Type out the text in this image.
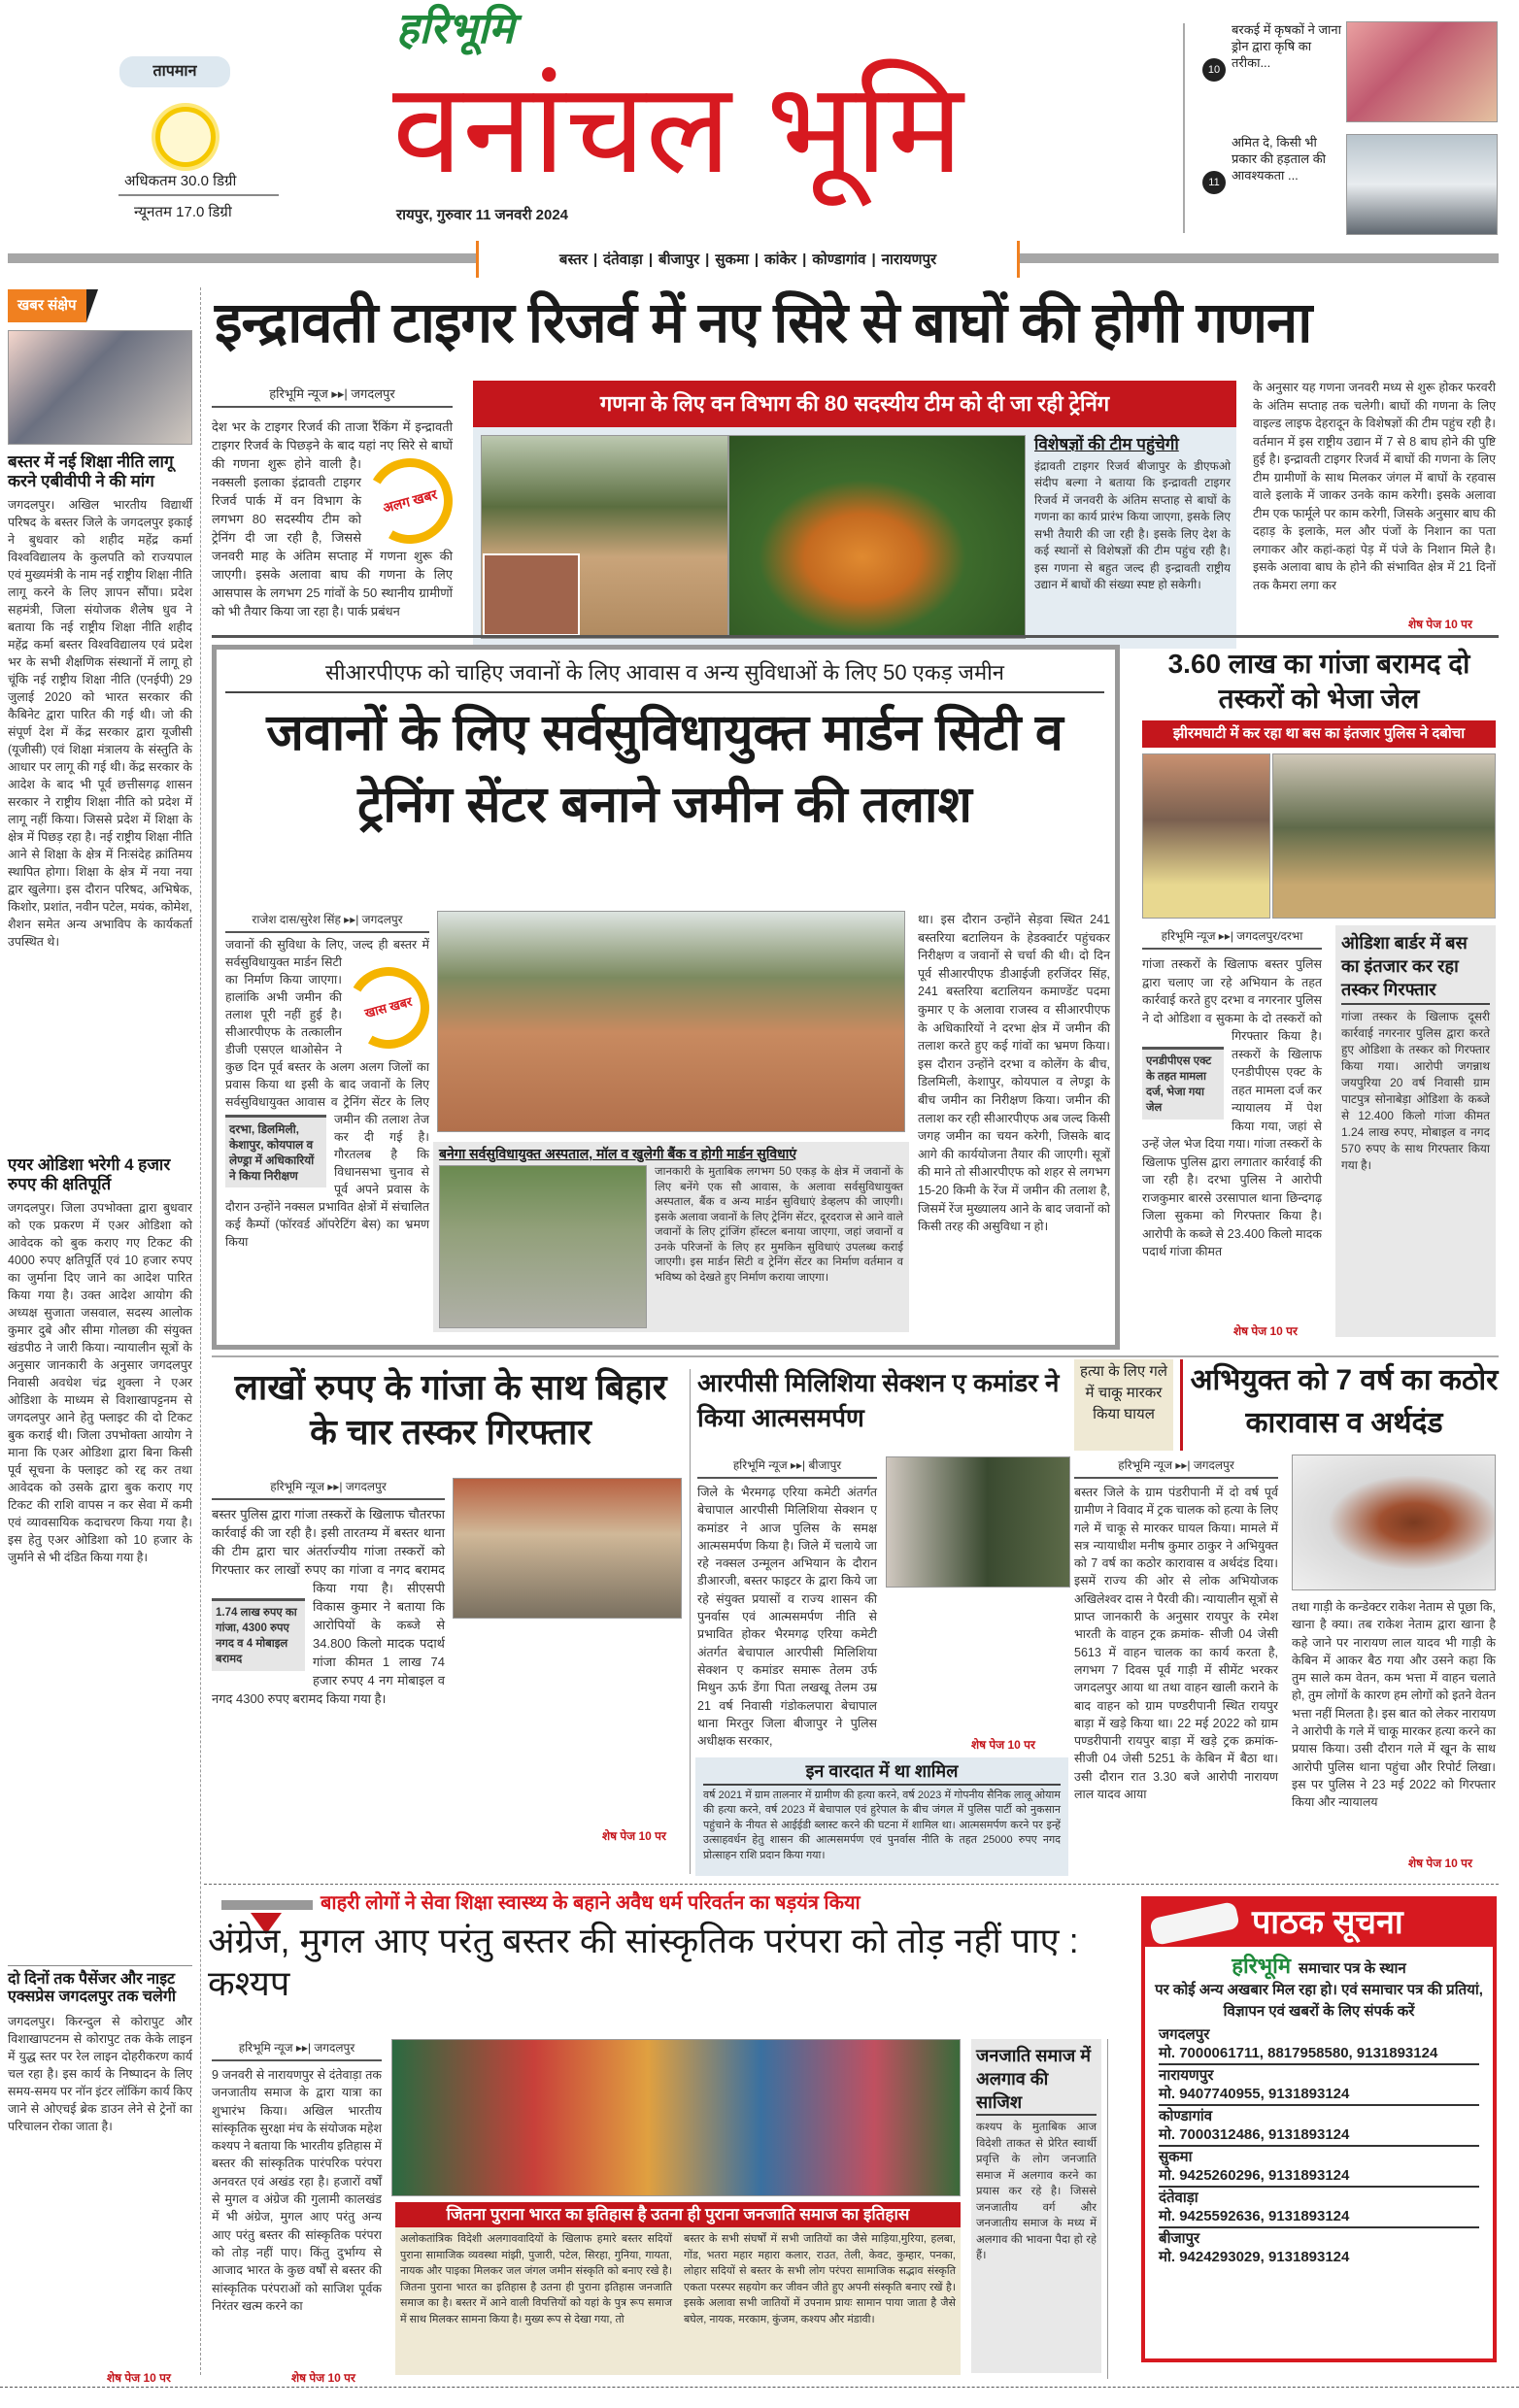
तापमान
अधिकतम 30.0 डिग्री
न्यूनतम 17.0 डिग्री
हरिभूमि
वनांचल भूमि
रायपुर, गुरुवार 11 जनवरी 2024
10
बरकई में कृषकों ने जाना ड्रोन द्वारा कृषि का तरीका...
11
अमित दे, किसी भी प्रकार की हड़ताल की आवश्यकता ...
बस्तर | दंतेवाड़ा | बीजापुर | सुकमा | कांकेर | कोण्डागांव | नारायणपुर
खबर संक्षेप
बस्तर में नई शिक्षा नीति लागू करने एबीवीपी ने की मांग
जगदलपुर। अखिल भारतीय विद्यार्थी परिषद के बस्तर जिले के जगदलपुर इकाई ने बुधवार को शहीद महेंद्र कर्मा विश्वविद्यालय के कुलपति को राज्यपाल एवं मुख्यमंत्री के नाम नई राष्ट्रीय शिक्षा नीति लागू करने के लिए ज्ञापन सौंपा। प्रदेश सहमंत्री, जिला संयोजक शैलेष धुव ने बताया कि नई राष्ट्रीय शिक्षा नीति शहीद महेंद्र कर्मा बस्तर विश्वविद्यालय एवं प्रदेश भर के सभी शैक्षणिक संस्थानों में लागू हो चूंकि नई राष्ट्रीय शिक्षा नीति (एनईपी) 29 जुलाई 2020 को भारत सरकार की कैबिनेट द्वारा पारित की गई थी। जो की संपूर्ण देश में केंद्र सरकार द्वारा यूजीसी (यूजीसी) एवं शिक्षा मंत्रालय के संस्तुति के आधार पर लागू की गई थी। केंद्र सरकार के आदेश के बाद भी पूर्व छत्तीसगढ़ शासन सरकार ने राष्ट्रीय शिक्षा नीति को प्रदेश में लागू नहीं किया। जिससे प्रदेश में शिक्षा के क्षेत्र में पिछड़ रहा है। नई राष्ट्रीय शिक्षा नीति आने से शिक्षा के क्षेत्र में निःसंदेह क्रांतिमय स्थापित होगा। शिक्षा के क्षेत्र में नया नया द्वार खुलेगा। इस दौरान परिषद, अभिषेक, किशोर, प्रशांत, नवीन पटेल, मयंक, कोमेश, शैशन समेत अन्य अभाविप के कार्यकर्ता उपस्थित थे।
एयर ओडिशा भरेगी 4 हजार रुपए की क्षतिपूर्ति
जगदलपुर। जिला उपभोक्ता द्वारा बुधवार को एक प्रकरण में एअर ओडिशा को आवेदक को बुक कराए गए टिकट की 4000 रुपए क्षतिपूर्ति एवं 10 हजार रुपए का जुर्माना दिए जाने का आदेश पारित किया गया है। उक्त आदेश आयोग की अध्यक्ष सुजाता जसवाल, सदस्य आलोक कुमार दुबे और सीमा गोलछा की संयुक्त खंडपीठ ने जारी किया। न्यायालीन सूत्रों के अनुसार जानकारी के अनुसार जगदलपुर निवासी अवधेश चंद्र शुक्ला ने एअर ओडिशा के माध्यम से विशाखापट्टनम से जगदलपुर आने हेतु फ्लाइट की दो टिकट बुक कराई थी। जिला उपभोक्ता आयोग ने माना कि एअर ओडिशा द्वारा बिना किसी पूर्व सूचना के फ्लाइट को रद्द कर तथा आवेदक को उसके द्वारा बुक कराए गए टिकट की राशि वापस न कर सेवा में कमी एवं व्यावसायिक कदाचरण किया गया है। इस हेतु एअर ओडिशा को 10 हजार के जुर्माने से भी दंडित किया गया है।
दो दिनों तक पैसेंजर और नाइट एक्सप्रेस जगदलपुर तक चलेगी
जगदलपुर। किरन्दुल से कोरापुट और विशाखापटनम से कोरापुट तक केके लाइन में युद्ध स्तर पर रेल लाइन दोहरीकरण कार्य चल रहा है। इस कार्य के निष्पादन के लिए समय-समय पर नॉन इंटर लॉकिंग कार्य किए जाने से ओएचई ब्रेक डाउन लेने से ट्रेनों का परिचालन रोका जाता है।
शेष पेज 10 पर
इन्द्रावती टाइगर रिजर्व में नए सिरे से बाघों की होगी गणना
हरिभूमि न्यूज ▸▸| जगदलपुर
अलग खबर
देश भर के टाइगर रिजर्व की ताजा रैंकिंग में इन्द्रावती टाइगर रिजर्व के पिछड़ने के बाद यहां नए सिरे से बाघों की गणना शुरू होने वाली है। नक्सली इलाका इंद्रावती टाइगर रिजर्व पार्क में वन विभाग के लगभग 80 सदस्यीय टीम को ट्रेनिंग दी जा रही है, जिससे जनवरी माह के अंतिम सप्ताह में गणना शुरू की जाएगी। इसके अलावा बाघ की गणना के लिए आसपास के लगभग 25 गांवों के 50 स्थानीय ग्रामीणों को भी तैयार किया जा रहा है। पार्क प्रबंधन
गणना के लिए वन विभाग की 80 सदस्यीय टीम को दी जा रही ट्रेनिंग
विशेषज्ञों की टीम पहुंचेगी
इंद्रावती टाइगर रिजर्व बीजापुर के डीएफओ संदीप बल्गा ने बताया कि इन्द्रावती टाइगर रिजर्व में जनवरी के अंतिम सप्ताह से बाघों के गणना का कार्य प्रारंभ किया जाएगा, इसके लिए सभी तैयारी की जा रही है। इसके लिए देश के कई स्थानों से विशेषज्ञों की टीम पहुंच रही है। इस गणना से बहुत जल्द ही इन्द्रावती राष्ट्रीय उद्यान में बाघों की संख्या स्पष्ट हो सकेगी।
के अनुसार यह गणना जनवरी मध्य से शुरू होकर फरवरी के अंतिम सप्ताह तक चलेगी। बाघों की गणना के लिए वाइल्ड लाइफ देहरादून के विशेषज्ञों की टीम पहुंच रही है। वर्तमान में इस राष्ट्रीय उद्यान में 7 से 8 बाघ होने की पुष्टि हुई है। इन्द्रावती टाइगर रिजर्व में बाघों की गणना के लिए टीम ग्रामीणों के साथ मिलकर जंगल में बाघों के रहवास वाले इलाके में जाकर उनके काम करेगी। इसके अलावा टीम एक फार्मूले पर काम करेगी, जिसके अनुसार बाघ की दहाड़ के इलाके, मल और पंजों के निशान का पता लगाकर और कहां-कहां पेड़ में पंजे के निशान मिले है। इसके अलावा बाघ के होने की संभावित क्षेत्र में 21 दिनों तक कैमरा लगा कर
शेष पेज 10 पर
सीआरपीएफ को चाहिए जवानों के लिए आवास व अन्य सुविधाओं के लिए 50 एकड़ जमीन
जवानों के लिए सर्वसुविधायुक्त मार्डन सिटी व ट्रेनिंग सेंटर बनाने जमीन की तलाश
राजेश दास/सुरेश सिंह ▸▸| जगदलपुर
खास खबर
दरभा, डिलमिली, केशापुर, कोयपाल व लेण्ड्रा में अधिकारियों ने किया निरीक्षण
जवानों की सुविधा के लिए, जल्द ही बस्तर में सर्वसुविधायुक्त मार्डन सिटी का निर्माण किया जाएगा। हालांकि अभी जमीन की तलाश पूरी नहीं हुई है। सीआरपीएफ के तत्कालीन डीजी एसएल थाओसेन ने कुछ दिन पूर्व बस्तर के अलग अलग जिलों का प्रवास किया था इसी के बाद जवानों के लिए सर्वसुविधायुक्त आवास व ट्रेनिंग सेंटर के लिए जमीन की तलाश तेज कर दी गई है। गौरतलब है कि विधानसभा चुनाव से पूर्व अपने प्रवास के दौरान उन्होंने नक्सल प्रभावित क्षेत्रों में संचालित कई कैम्पों (फॉरवर्ड ऑपरेटिंग बेस) का भ्रमण किया
था। इस दौरान उन्होंने सेड़वा स्थित 241 बस्तरिया बटालियन के हेडक्वार्टर पहुंचकर निरीक्षण व जवानों से चर्चा की थी। दो दिन पूर्व सीआरपीएफ डीआईजी हरजिंदर सिंह, 241 बस्तरिया बटालियन कमाण्डेंट पदमा कुमार ए के अलावा राजस्व व सीआरपीएफ के अधिकारियों ने दरभा क्षेत्र में जमीन की तलाश करते हुए कई गांवों का भ्रमण किया। इस दौरान उन्होंने दरभा व कोलेंग के बीच, डिलमिली, केशापुर, कोयपाल व लेण्ड्रा के बीच जमीन का निरीक्षण किया। जमीन की तलाश कर रही सीआरपीएफ अब जल्द किसी जगह जमीन का चयन करेगी, जिसके बाद आगे की कार्ययोजना तैयार की जाएगी। सूत्रों की माने तो सीआरपीएफ को शहर से लगभग 15-20 किमी के रेंज में जमीन की तलाश है, जिसमें रेंज मुख्यालय आने के बाद जवानों को किसी तरह की असुविधा न हो।
बनेगा सर्वसुविधायुक्त अस्पताल, मॉल व खुलेगी बैंक व होगी मार्डन सुविधाएं
जानकारी के मुताबिक लगभग 50 एकड़ के क्षेत्र में जवानों के लिए बनेंगे एक सौ आवास, के अलावा सर्वसुविधायुक्त अस्पताल, बैंक व अन्य मार्डन सुविधाएं डेव्हलप की जाएगी। इसके अलावा जवानों के लिए ट्रेनिंग सेंटर, दूरदराज से आने वाले जवानों के लिए ट्रांजिंग हॉस्टल बनाया जाएगा, जहां जवानों व उनके परिजनों के लिए हर मुमकिन सुविधाएं उपलब्ध कराई जाएगी। इस मार्डन सिटी व ट्रेनिंग सेंटर का निर्माण वर्तमान व भविष्य को देखते हुए निर्माण कराया जाएगा।
3.60 लाख का गांजा बरामद दो तस्करों को भेजा जेल
झीरमघाटी में कर रहा था बस का इंतजार पुलिस ने दबोचा
हरिभूमि न्यूज ▸▸| जगदलपुर/दरभा
एनडीपीएस एक्ट के तहत मामला दर्ज, भेजा गया जेल
गांजा तस्करों के खिलाफ बस्तर पुलिस द्वारा चलाए जा रहे अभियान के तहत कार्रवाई करते हुए दरभा व नगरनार पुलिस ने दो ओडिशा व सुकमा के दो तस्करों को गिरफ्तार किया है। तस्करों के खिलाफ एनडीपीएस एक्ट के तहत मामला दर्ज कर न्यायालय में पेश किया गया, जहां से उन्हें जेल भेज दिया गया। गांजा तस्करों के खिलाफ पुलिस द्वारा लगातार कार्रवाई की जा रही है। दरभा पुलिस ने आरोपी राजकुमार बारसे उरसापाल थाना छिन्दगढ़ जिला सुकमा को गिरफ्तार किया है। आरोपी के कब्जे से 23.400 किलो मादक पदार्थ गांजा कीमत
शेष पेज 10 पर
ओडिशा बार्डर में बस का इंतजार कर रहा तस्कर गिरफ्तार
गांजा तस्कर के खिलाफ दूसरी कार्रवाई नगरनार पुलिस द्वारा करते हुए ओडिशा के तस्कर को गिरफ्तार किया गया। आरोपी जगन्नाथ जयपुरिया 20 वर्ष निवासी ग्राम पाटपुत्र सोनाबेड़ा ओडिशा के कब्जे से 12.400 किलो गांजा कीमत 1.24 लाख रुपए, मोबाइल व नगद 570 रुपए के साथ गिरफ्तार किया गया है।
लाखों रुपए के गांजा के साथ बिहार के चार तस्कर गिरफ्तार
हरिभूमि न्यूज ▸▸| जगदलपुर
1.74 लाख रुपए का गांजा, 4300 रुपए नगद व 4 मोबाइल बरामद
बस्तर पुलिस द्वारा गांजा तस्करों के खिलाफ चौतरफा कार्रवाई की जा रही है। इसी तारतम्य में बस्तर थाना की टीम द्वारा चार अंतर्राज्यीय गांजा तस्करों को गिरफ्तार कर लाखों रुपए का गांजा व नगद बरामद किया गया है। सीएसपी विकास कुमार ने बताया कि आरोपियों के कब्जे से 34.800 किलो मादक पदार्थ गांजा कीमत 1 लाख 74 हजार रुपए 4 नग मोबाइल व नगद 4300 रुपए बरामद किया गया है।
शेष पेज 10 पर
आरपीसी मिलिशिया सेक्शन ए कमांडर ने किया आत्मसमर्पण
हरिभूमि न्यूज ▸▸| बीजापुर
जिले के भैरमगढ़ एरिया कमेटी अंतर्गत बेचापाल आरपीसी मिलिशिया सेक्शन ए कमांडर ने आज पुलिस के समक्ष आत्मसमर्पण किया है। जिले में चलाये जा रहे नक्सल उन्मूलन अभियान के दौरान डीआरजी, बस्तर फाइटर के द्वारा किये जा रहे संयुक्त प्रयासों व राज्य शासन की पुनर्वास एवं आत्मसमर्पण नीति से प्रभावित होकर भैरमगढ़ एरिया कमेटी अंतर्गत बेचापाल आरपीसी मिलिशिया सेक्शन ए कमांडर समारू तेलम उर्फ मिथुन ऊर्फ डेंगा पिता लखखू तेलम उम्र 21 वर्ष निवासी गंडोकलपारा बेचापाल थाना मिरतुर जिला बीजापुर ने पुलिस अधीक्षक सरकार,	शेष पेज 10 पर
इन वारदात में था शामिल
वर्ष 2021 में ग्राम तालनार में ग्रामीण की हत्या करने, वर्ष 2023 में गोपनीय सैनिक लालू ओयाम की हत्या करने, वर्ष 2023 में बेचापाल एवं हुरेपाल के बीच जंगल में पुलिस पार्टी को नुकसान पहुंचाने के नीयत से आईईडी ब्लास्ट करने की घटना में शामिल था। आत्मसमर्पण करने पर इन्हें उत्साहवर्धन हेतु शासन की आत्मसमर्पण एवं पुनर्वास नीति के तहत 25000 रुपए नगद प्रोत्साहन राशि प्रदान किया गया।
हत्या के लिए गले में चाकू मारकर किया घायल
अभियुक्त को 7 वर्ष का कठोर कारावास व अर्थदंड
हरिभूमि न्यूज ▸▸| जगदलपुर
बस्तर जिले के ग्राम पंडरीपानी में दो वर्ष पूर्व ग्रामीण ने विवाद में ट्रक चालक को हत्या के लिए गले में चाकू से मारकर घायल किया। मामले में सत्र न्यायाधीश मनीष कुमार ठाकुर ने अभियुक्त को 7 वर्ष का कठोर कारावास व अर्थदंड दिया। इसमें राज्य की ओर से लोक अभियोजक अखिलेश्वर दास ने पैरवी की। न्यायालीन सूत्रों से प्राप्त जानकारी के अनुसार रायपुर के रमेश भारती के वाहन ट्रक क्रमांक- सीजी 04 जेसी 5613 में वाहन चालक का कार्य करता है, लगभग 7 दिवस पूर्व गाड़ी में सीमेंट भरकर जगदलपुर आया था तथा वाहन खाली कराने के बाद वाहन को ग्राम पण्डरीपानी स्थित रायपुर बाड़ा में खड़े किया था। 22 मई 2022 को ग्राम पण्डरीपानी रायपुर बाड़ा में खड़े ट्रक क्रमांक- सीजी 04 जेसी 5251 के केबिन में बैठा था। उसी दौरान रात 3.30 बजे आरोपी नारायण लाल यादव आया
तथा गाड़ी के कन्डेक्टर राकेश नेताम से पूछा कि, खाना है क्या। तब राकेश नेताम द्वारा खाना है कहे जाने पर नारायण लाल यादव भी गाड़ी के केबिन में आकर बैठ गया और उसने कहा कि तुम साले कम वेतन, कम भत्ता में वाहन चलाते हो, तुम लोगों के कारण हम लोगों को इतने वेतन भत्ता नहीं मिलता है। इस बात को लेकर नारायण ने आरोपी के गले में चाकू मारकर हत्या करने का प्रयास किया। उसी दौरान गले में खून के साथ आरोपी पुलिस थाना पहुंचा और रिपोर्ट लिखा। इस पर पुलिस ने 23 मई 2022 को गिरफ्तार किया और न्यायालय
शेष पेज 10 पर
बाहरी लोगों ने सेवा शिक्षा स्वास्थ्य के बहाने अवैध धर्म परिवर्तन का षड़यंत्र किया
अंग्रेज, मुगल आए परंतु बस्तर की सांस्कृतिक परंपरा को तोड़ नहीं पाए : कश्यप
हरिभूमि न्यूज ▸▸| जगदलपुर
9 जनवरी से नारायणपुर से दंतेवाड़ा तक जनजातीय समाज के द्वारा यात्रा का शुभारंभ किया। अखिल भारतीय सांस्कृतिक सुरक्षा मंच के संयोजक महेश कश्यप ने बताया कि भारतीय इतिहास में बस्तर की सांस्कृतिक पारंपरिक परंपरा अनवरत एवं अखंड रहा है। हजारों वर्षों से मुगल व अंग्रेज की गुलामी कालखंड में भी अंग्रेज, मुगल आए परंतु अन्य आए परंतु बस्तर की सांस्कृतिक परंपरा को तोड़ नहीं पाए। किंतु दुर्भाग्य से आजाद भारत के कुछ वर्षों से बस्तर की सांस्कृतिक परंपराओं को साजिश पूर्वक निरंतर खत्म करने का
शेष पेज 10 पर
जितना पुराना भारत का इतिहास है उतना ही पुराना जनजाति समाज का इतिहास
अलोकतांत्रिक विदेशी अलगाववादियों के खिलाफ हमारे बस्तर सदियों पुराना सामाजिक व्यवस्था मांझी, पुजारी, पटेल, सिरहा, गुनिया, गायता, नायक और पाइका मिलकर जल जंगल जमीन संस्कृति को बनाए रखे है। जितना पुराना भारत का इतिहास है उतना ही पुराना इतिहास जनजाति समाज का है। बस्तर में आने वाली विपत्तियों को यहां के पुत्र रूप समाज में साथ मिलकर सामना किया है। मुख्य रूप से देखा गया, तो
बस्तर के सभी संघर्षों में सभी जातियों का जैसे माड़िया,मुरिया, हलबा, गोंड, भतरा महार महारा कलार, राउत, तेली, केवट, कुम्हार, पनका, लोहार सदियों से बस्तर के सभी लोग परंपरा सामाजिक सद्भाव संस्कृति एकता परस्पर सहयोग कर जीवन जीते हुए अपनी संस्कृति बनाए रखें है। इसके अलावा सभी जातियों में उपनाम प्रायः सामान पाया जाता है जैसे बघेल, नायक, मरकाम, कुंजम, कश्यप और मंडावी।
जनजाति समाज में अलगाव की साजिश
कश्यप के मुताबिक आज विदेशी ताकत से प्रेरित स्वार्थी प्रवृत्ति के लोग जनजाति समाज में अलगाव करने का प्रयास कर रहे है। जिससे जनजातीय वर्ग और जनजातीय समाज के मध्य में अलगाव की भावना पैदा हो रहे हैं।
पाठक सूचना
हरिभूमि समाचार पत्र के स्थान
पर कोई अन्य अखबार मिल रहा हो। एवं समाचार पत्र की प्रतियां, विज्ञापन एवं खबरों के लिए संपर्क करें
जगदलपुर
मो. 7000061711, 8817958580, 9131893124
नारायणपुर
मो. 9407740955, 9131893124
कोण्डागांव
मो. 7000312486, 9131893124
सुकमा
मो. 9425260296, 9131893124
दंतेवाड़ा
मो. 9425592636, 9131893124
बीजापुर
मो. 9424293029, 9131893124
